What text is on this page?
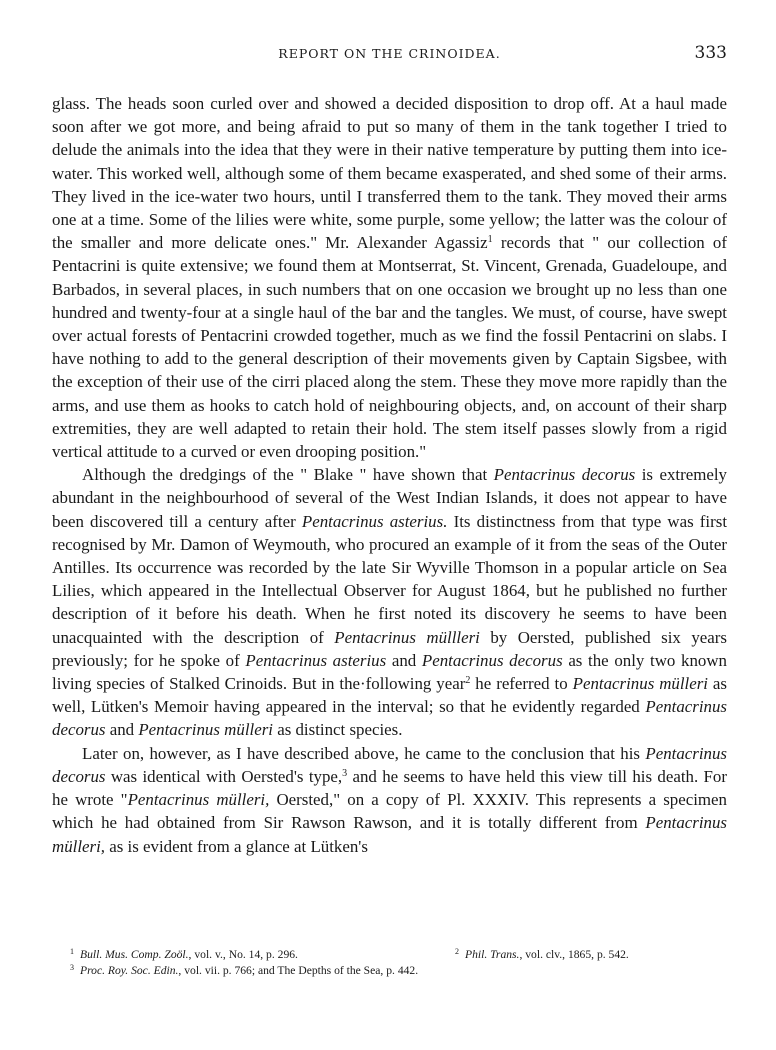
REPORT ON THE CRINOIDEA.	333

glass. The heads soon curled over and showed a decided disposition to drop off. At a haul made soon after we got more, and being afraid to put so many of them in the tank together I tried to delude the animals into the idea that they were in their native temperature by putting them into ice-water. This worked well, although some of them became exasperated, and shed some of their arms. They lived in the ice-water two hours, until I transferred them to the tank. They moved their arms one at a time. Some of the lilies were white, some purple, some yellow; the latter was the colour of the smaller and more delicate ones." Mr. Alexander Agassiz$^1$ records that " our collection of Pentacrini is quite extensive; we found them at Montserrat, St. Vincent, Grenada, Guadeloupe, and Barbados, in several places, in such numbers that on one occasion we brought up no less than one hundred and twenty-four at a single haul of the bar and the tangles. We must, of course, have swept over actual forests of Pentacrini crowded together, much as we find the fossil Pentacrini on slabs. I have nothing to add to the general description of their movements given by Captain Sigsbee, with the exception of their use of the cirri placed along the stem. These they move more rapidly than the arms, and use them as hooks to catch hold of neighbouring objects, and, on account of their sharp extremities, they are well adapted to retain their hold. The stem itself passes slowly from a rigid vertical attitude to a curved or even drooping position."

Although the dredgings of the " Blake " have shown that Pentacrinus decorus is extremely abundant in the neighbourhood of several of the West Indian Islands, it does not appear to have been discovered till a century after Pentacrinus asterius. Its distinctness from that type was first recognised by Mr. Damon of Weymouth, who procured an example of it from the seas of the Outer Antilles. Its occurrence was recorded by the late Sir Wyville Thomson in a popular article on Sea Lilies, which appeared in the Intellectual Observer for August 1864, but he published no further description of it before his death. When he first noted its discovery he seems to have been unacquainted with the description of Pentacrinus müllleri by Oersted, published six years previously; for he spoke of Pentacrinus asterius and Pentacrinus decorus as the only two known living species of Stalked Crinoids. But in the·following year$^2$ he referred to Pentacrinus mülleri as well, Lütken's Memoir having appeared in the interval; so that he evidently regarded Pentacrinus decorus and Pentacrinus mülleri as distinct species.

Later on, however, as I have described above, he came to the conclusion that his Pentacrinus decorus was identical with Oersted's type,$^3$ and he seems to have held this view till his death. For he wrote "Pentacrinus mülleri, Oersted," on a copy of Pl. XXXIV. This represents a specimen which he had obtained from Sir Rawson Rawson, and it is totally different from Pentacrinus mülleri, as is evident from a glance at Lütken's

$^1$ Bull. Mus. Comp. Zoöl., vol. v., No. 14, p. 296.	$^2$ Phil. Trans., vol. clv., 1865, p. 542.
$^3$ Proc. Roy. Soc. Edin., vol. vii. p. 766; and The Depths of the Sea, p. 442.
